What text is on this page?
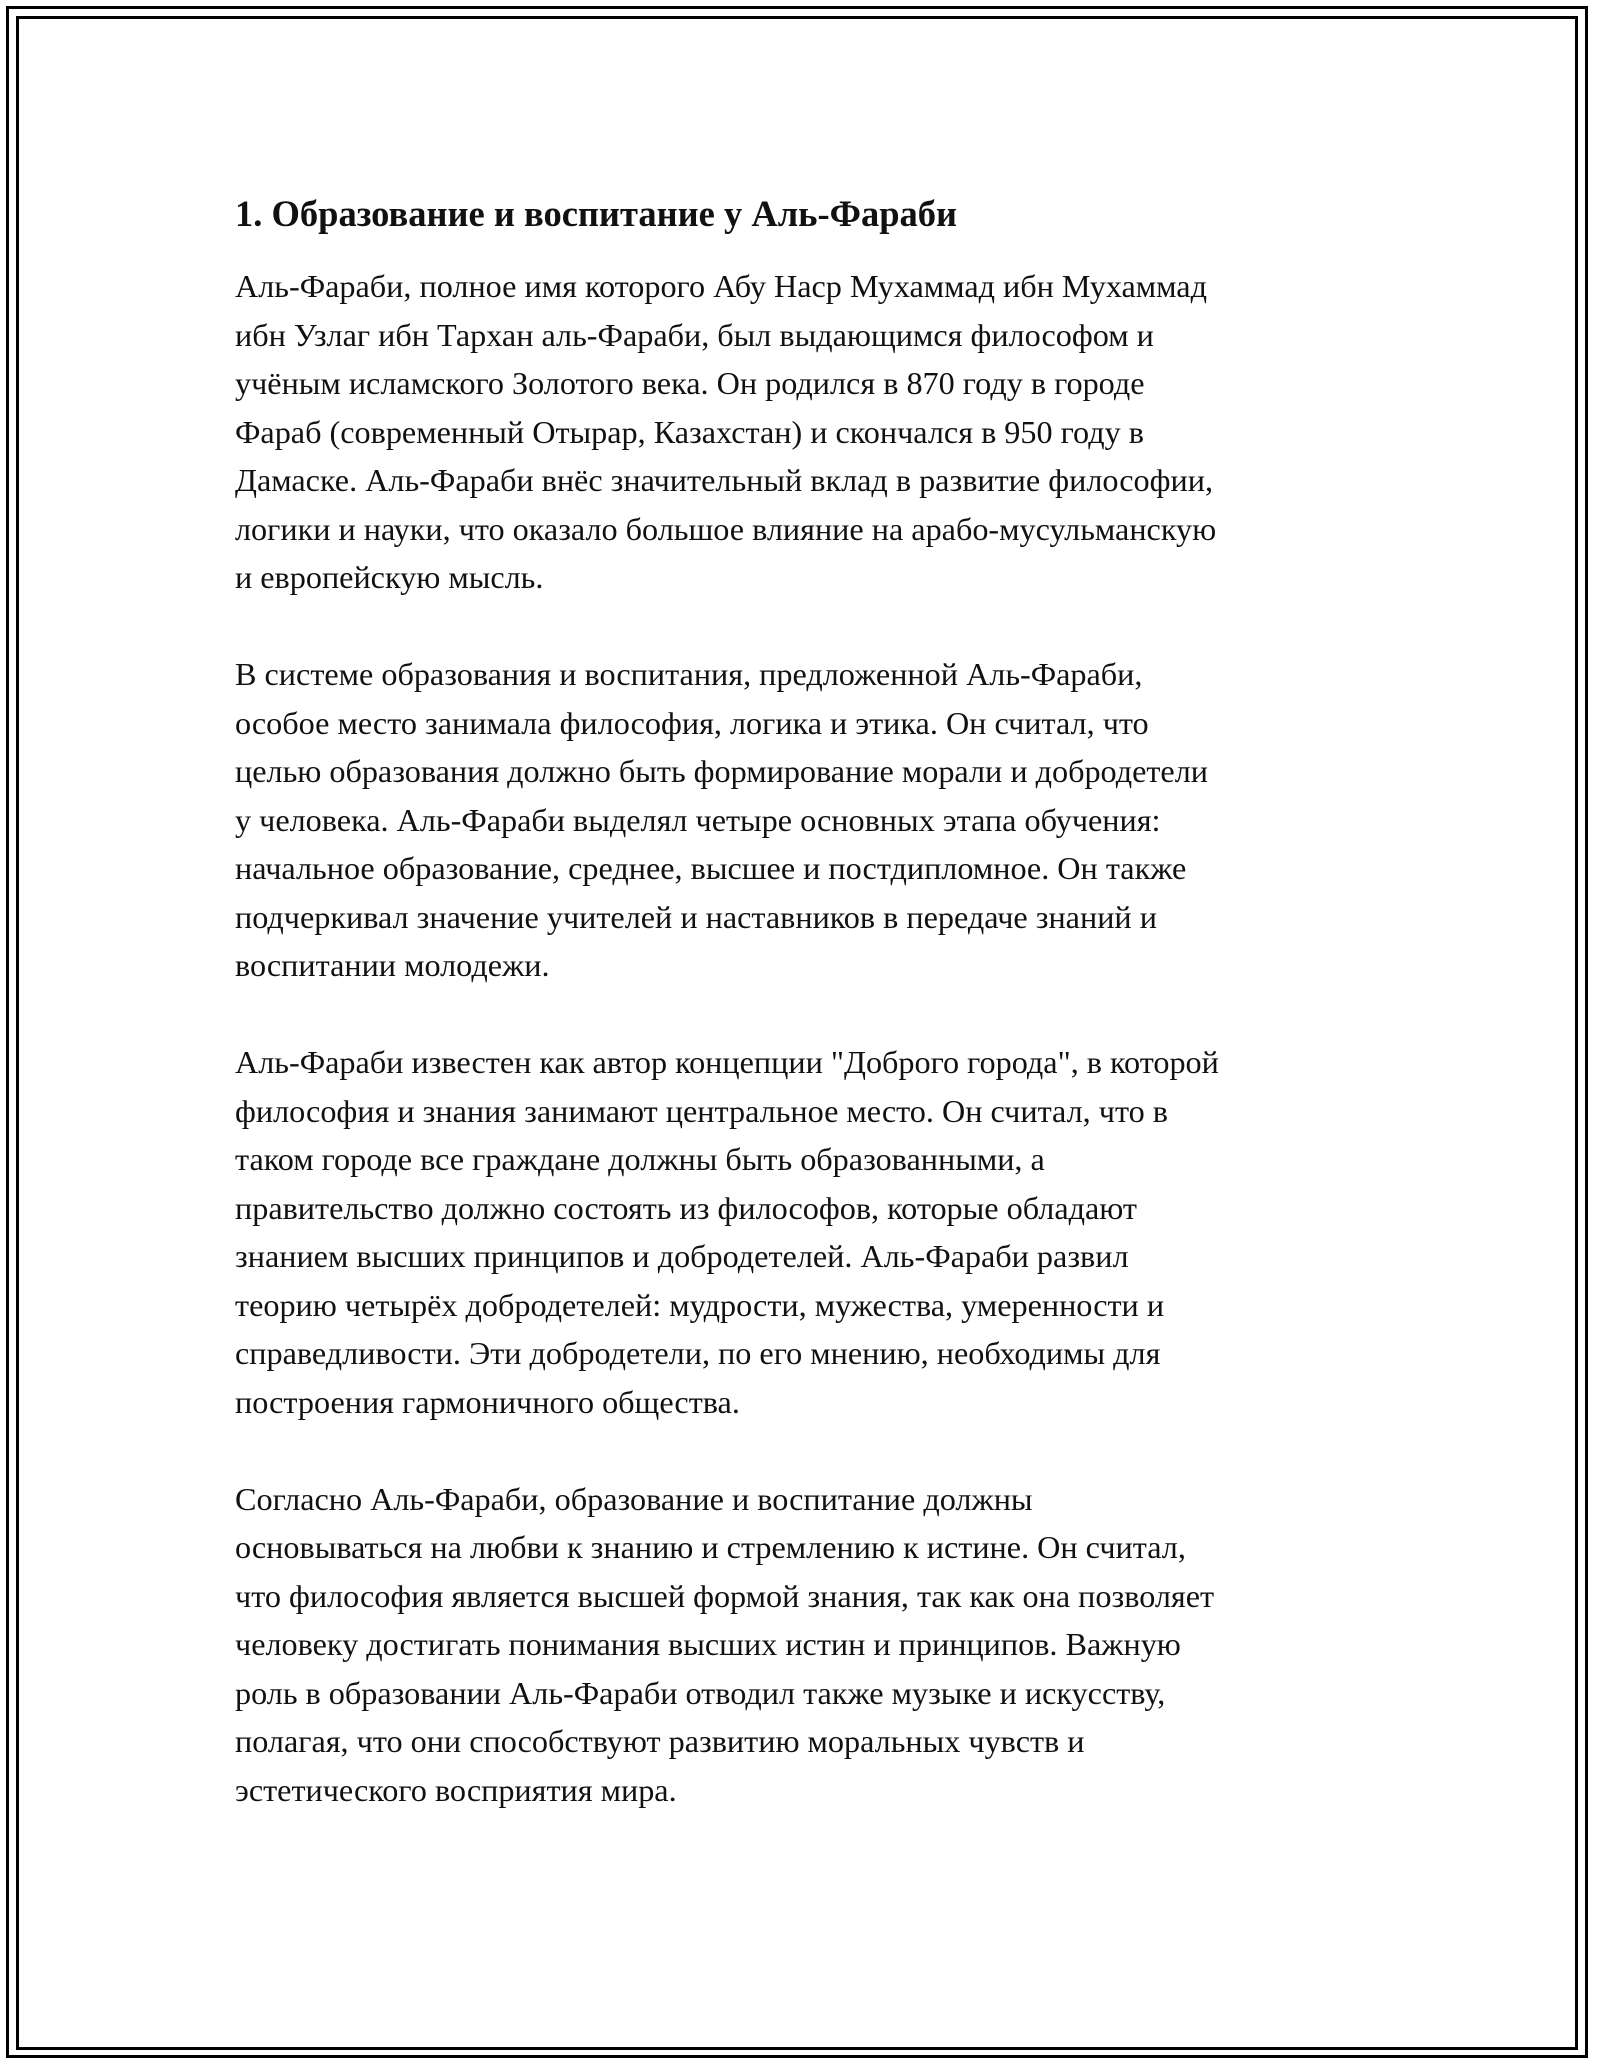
1. Образование и воспитание у Аль-Фараби
Аль-Фараби, полное имя которого Абу Наср Мухаммад ибн Мухаммад
ибн Узлаг ибн Тархан аль-Фараби, был выдающимся философом и
учёным исламского Золотого века. Он родился в 870 году в городе
Фараб (современный Отырар, Казахстан) и скончался в 950 году в
Дамаске. Аль-Фараби внёс значительный вклад в развитие философии,
логики и науки, что оказало большое влияние на арабо-мусульманскую
и европейскую мысль.
В системе образования и воспитания, предложенной Аль-Фараби,
особое место занимала философия, логика и этика. Он считал, что
целью образования должно быть формирование морали и добродетели
у человека. Аль-Фараби выделял четыре основных этапа обучения:
начальное образование, среднее, высшее и постдипломное. Он также
подчеркивал значение учителей и наставников в передаче знаний и
воспитании молодежи.
Аль-Фараби известен как автор концепции "Доброго города", в которой
философия и знания занимают центральное место. Он считал, что в
таком городе все граждане должны быть образованными, а
правительство должно состоять из философов, которые обладают
знанием высших принципов и добродетелей. Аль-Фараби развил
теорию четырёх добродетелей: мудрости, мужества, умеренности и
справедливости. Эти добродетели, по его мнению, необходимы для
построения гармоничного общества.
Согласно Аль-Фараби, образование и воспитание должны
основываться на любви к знанию и стремлению к истине. Он считал,
что философия является высшей формой знания, так как она позволяет
человеку достигать понимания высших истин и принципов. Важную
роль в образовании Аль-Фараби отводил также музыке и искусству,
полагая, что они способствуют развитию моральных чувств и
эстетического восприятия мира.
